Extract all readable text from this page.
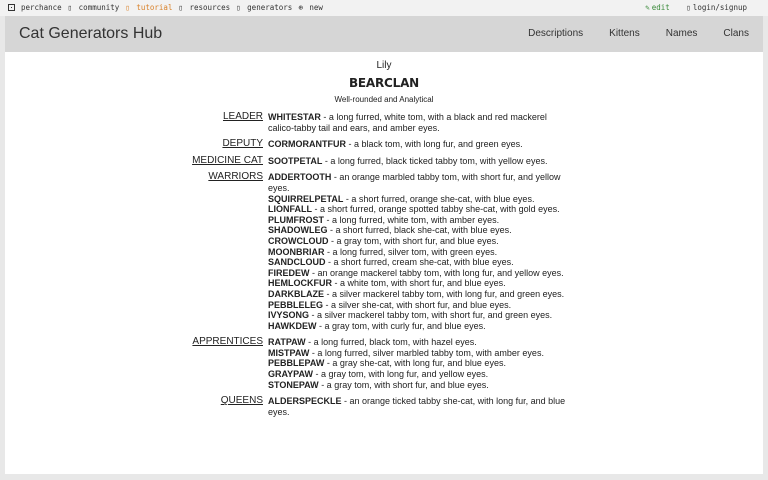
perchance ▯ community ▯ tutorial ▯ resources ▯ generators ⊕ new	✎ edit ▯ login/signup
Cat Generators Hub	Descriptions	Kittens	Names	Clans
Lily
BEARCLAN
Well-rounded and Analytical
LEADER WHITESTAR - a long furred, white tom, with a black and red mackerel calico-tabby tail and ears, and amber eyes.
DEPUTY CORMORANTFUR - a black tom, with long fur, and green eyes.
MEDICINE CAT SOOTPETAL - a long furred, black ticked tabby tom, with yellow eyes.
WARRIORS ADDERTOOTH - an orange marbled tabby tom, with short fur, and yellow eyes.
SQUIRRELPETAL - a short furred, orange she-cat, with blue eyes.
LIONFALL - a short furred, orange spotted tabby she-cat, with gold eyes.
PLUMFROST - a long furred, white tom, with amber eyes.
SHADOWLEG - a short furred, black she-cat, with blue eyes.
CROWCLOUD - a gray tom, with short fur, and blue eyes.
MOONBRIAR - a long furred, silver tom, with green eyes.
SANDCLOUD - a short furred, cream she-cat, with blue eyes.
FIREDEW - an orange mackerel tabby tom, with long fur, and yellow eyes.
HEMLOCKFUR - a white tom, with short fur, and blue eyes.
DARKBLAZE - a silver mackerel tabby tom, with long fur, and green eyes.
PEBBLELEG - a silver she-cat, with short fur, and blue eyes.
IVYSONG - a silver mackerel tabby tom, with short fur, and green eyes.
HAWKDEW - a gray tom, with curly fur, and blue eyes.
APPRENTICES RATPAW - a long furred, black tom, with hazel eyes.
MISTPAW - a long furred, silver marbled tabby tom, with amber eyes.
PEBBLEPAW - a gray she-cat, with long fur, and blue eyes.
GRAYPAW - a gray tom, with long fur, and yellow eyes.
STONEPAW - a gray tom, with short fur, and blue eyes.
QUEENS ALDERSPECKLE - an orange ticked tabby she-cat, with long fur, and blue eyes.
